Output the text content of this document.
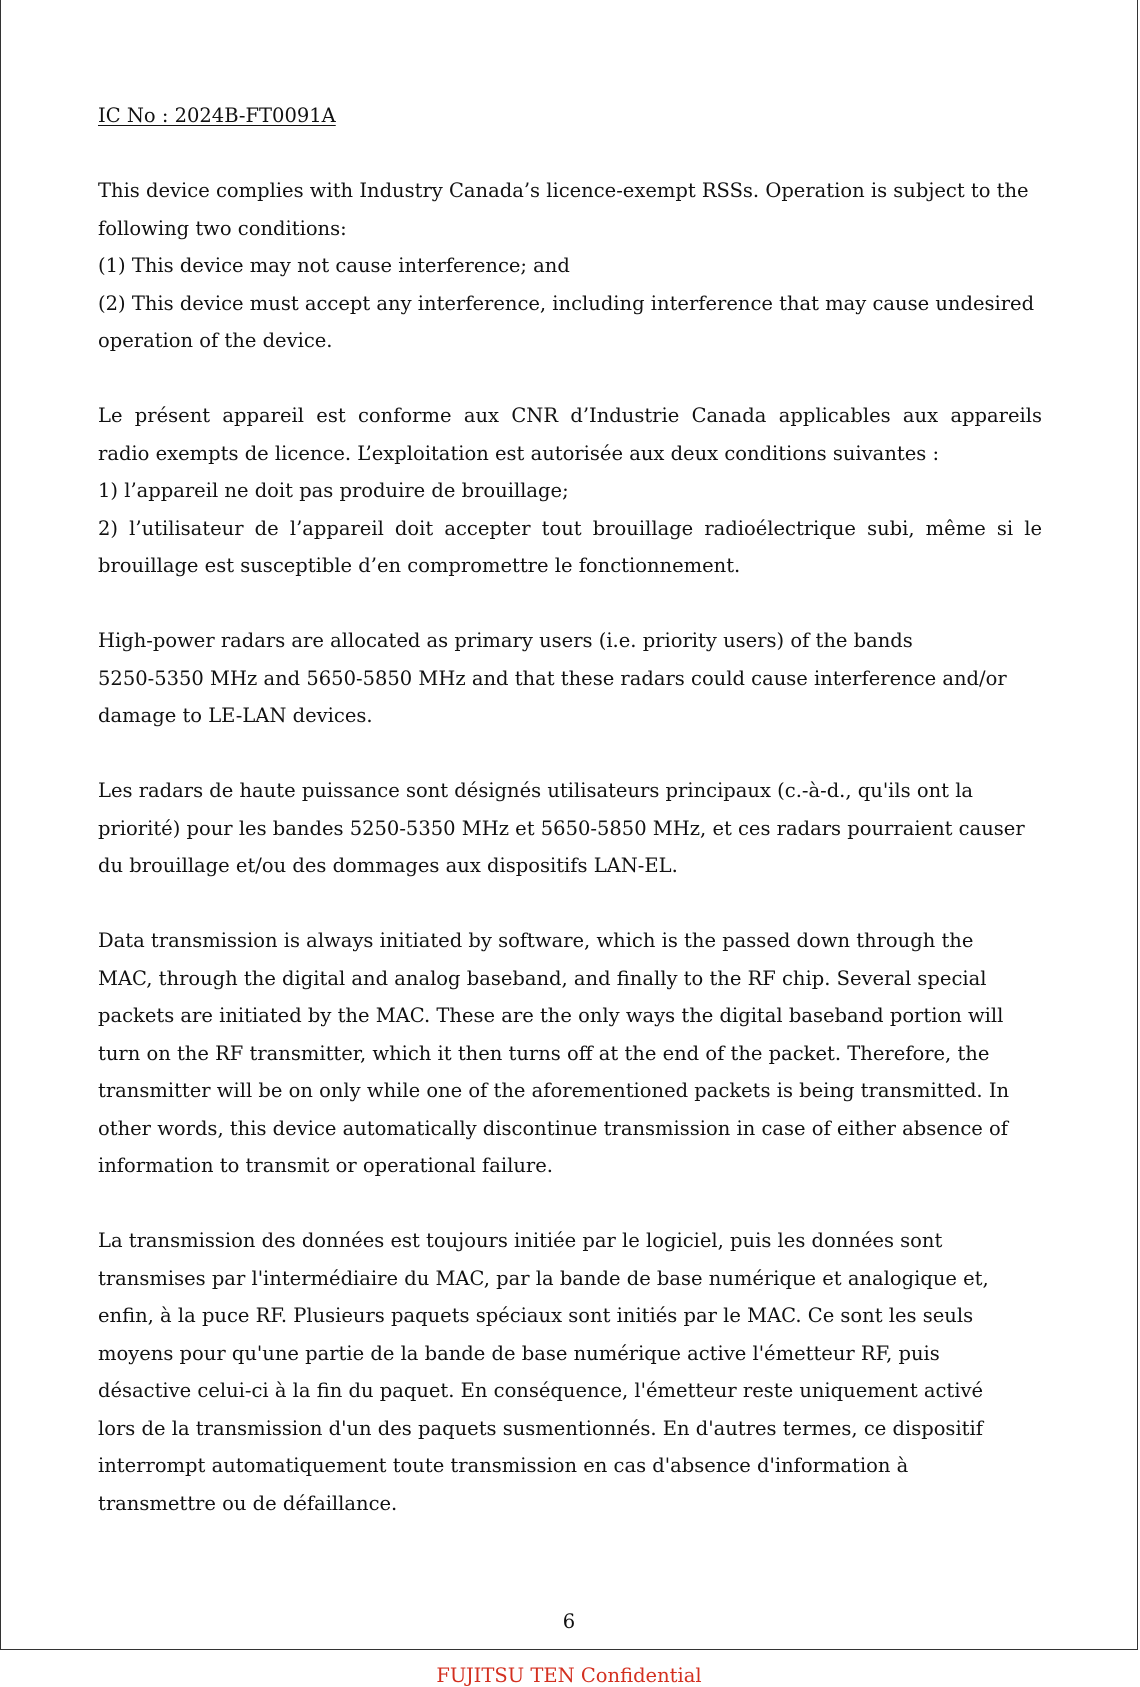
IC No : 2024B-FT0091A

This device complies with Industry Canada’s licence-exempt RSSs. Operation is subject to the
following two conditions:
(1) This device may not cause interference; and
(2) This device must accept any interference, including interference that may cause undesired
operation of the device.
Le présent appareil est conforme aux CNR d’Industrie Canada applicables aux appareils
radio exempts de licence. L’exploitation est autorisée aux deux conditions suivantes :
1) l’appareil ne doit pas produire de brouillage;
2) l’utilisateur de l’appareil doit accepter tout brouillage radioélectrique subi, même si le
brouillage est susceptible d’en compromettre le fonctionnement.
High-power radars are allocated as primary users (i.e. priority users) of the bands
5250-5350 MHz and 5650-5850 MHz and that these radars could cause interference and/or
damage to LE-LAN devices.
Les radars de haute puissance sont désignés utilisateurs principaux (c.-à-d., qu'ils ont la
priorité) pour les bandes 5250-5350 MHz et 5650-5850 MHz, et ces radars pourraient causer
du brouillage et/ou des dommages aux dispositifs LAN-EL.
Data transmission is always initiated by software, which is the passed down through the
MAC, through the digital and analog baseband, and finally to the RF chip. Several special
packets are initiated by the MAC. These are the only ways the digital baseband portion will
turn on the RF transmitter, which it then turns off at the end of the packet. Therefore, the
transmitter will be on only while one of the aforementioned packets is being transmitted. In
other words, this device automatically discontinue transmission in case of either absence of
information to transmit or operational failure.
La transmission des données est toujours initiée par le logiciel, puis les données sont
transmises par l'intermédiaire du MAC, par la bande de base numérique et analogique et,
enfin, à la puce RF. Plusieurs paquets spéciaux sont initiés par le MAC. Ce sont les seuls
moyens pour qu'une partie de la bande de base numérique active l'émetteur RF, puis
désactive celui-ci à la fin du paquet. En conséquence, l'émetteur reste uniquement activé
lors de la transmission d'un des paquets susmentionnés. En d'autres termes, ce dispositif
interrompt automatiquement toute transmission en cas d'absence d'information à
transmettre ou de défaillance.
6
FUJITSU TEN Confidential
